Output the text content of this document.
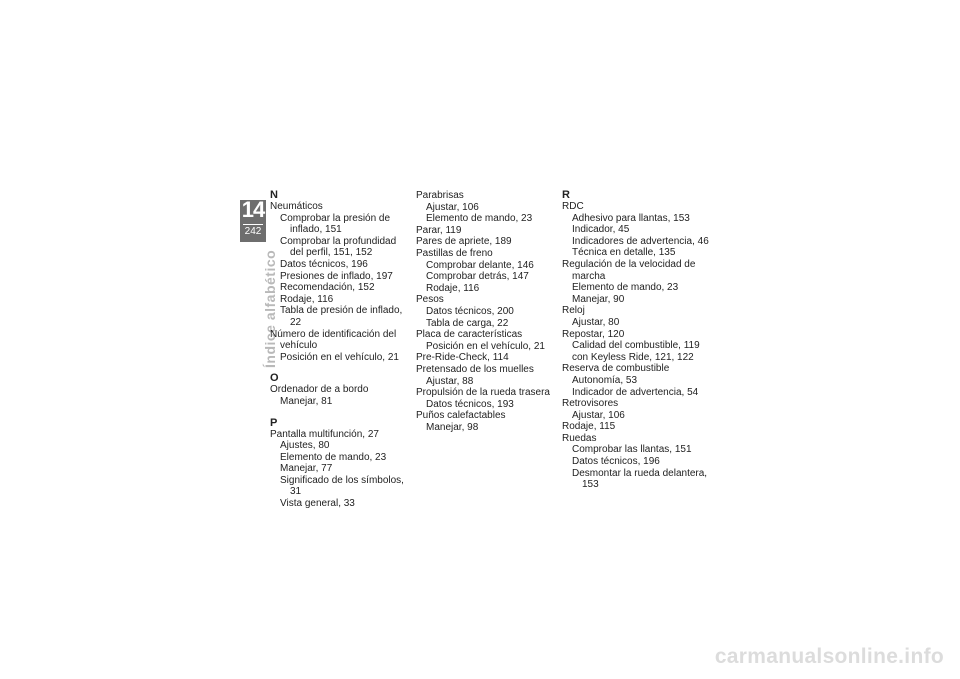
14
242
Índice alfabético
N
Neumáticos
Comprobar la presión de inflado, 151
Comprobar la profundidad del perfil, 151, 152
Datos técnicos, 196
Presiones de inflado, 197
Recomendación, 152
Rodaje, 116
Tabla de presión de inflado, 22
Número de identificación del vehículo
Posición en el vehículo, 21
O
Ordenador de a bordo
Manejar, 81
P
Pantalla multifunción, 27
Ajustes, 80
Elemento de mando, 23
Manejar, 77
Significado de los símbolos, 31
Vista general, 33
Parabrisas
Ajustar, 106
Elemento de mando, 23
Parar, 119
Pares de apriete, 189
Pastillas de freno
Comprobar delante, 146
Comprobar detrás, 147
Rodaje, 116
Pesos
Datos técnicos, 200
Tabla de carga, 22
Placa de características
Posición en el vehículo, 21
Pre-Ride-Check, 114
Pretensado de los muelles
Ajustar, 88
Propulsión de la rueda trasera
Datos técnicos, 193
Puños calefactables
Manejar, 98
R
RDC
Adhesivo para llantas, 153
Indicador, 45
Indicadores de advertencia, 46
Técnica en detalle, 135
Regulación de la velocidad de marcha
Elemento de mando, 23
Manejar, 90
Reloj
Ajustar, 80
Repostar, 120
Calidad del combustible, 119
con Keyless Ride, 121, 122
Reserva de combustible
Autonomía, 53
Indicador de advertencia, 54
Retrovisores
Ajustar, 106
Rodaje, 115
Ruedas
Comprobar las llantas, 151
Datos técnicos, 196
Desmontar la rueda delantera, 153
carmanualsonline.info
